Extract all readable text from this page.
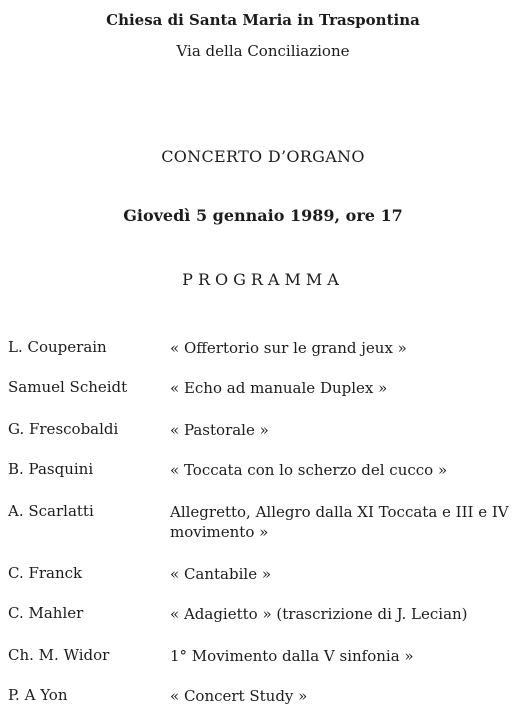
Chiesa di Santa Maria in Traspontina
Via della Conciliazione
CONCERTO D’ORGANO
Giovedì 5 gennaio 1989, ore 17
PROGRAMMA
L. Couperain	« Offertorio sur le grand jeux »
Samuel Scheidt	« Echo ad manuale Duplex »
G. Frescobaldi	« Pastorale »
B. Pasquini	« Toccata con lo scherzo del cucco »
A. Scarlatti	Allegretto, Allegro dalla XI Toccata e III e IV movimento »
C. Franck	« Cantabile »
C. Mahler	« Adagietto » (trascrizione di J. Lecian)
Ch. M. Widor	1° Movimento dalla V sinfonia »
P. A Yon	« Concert Study »
